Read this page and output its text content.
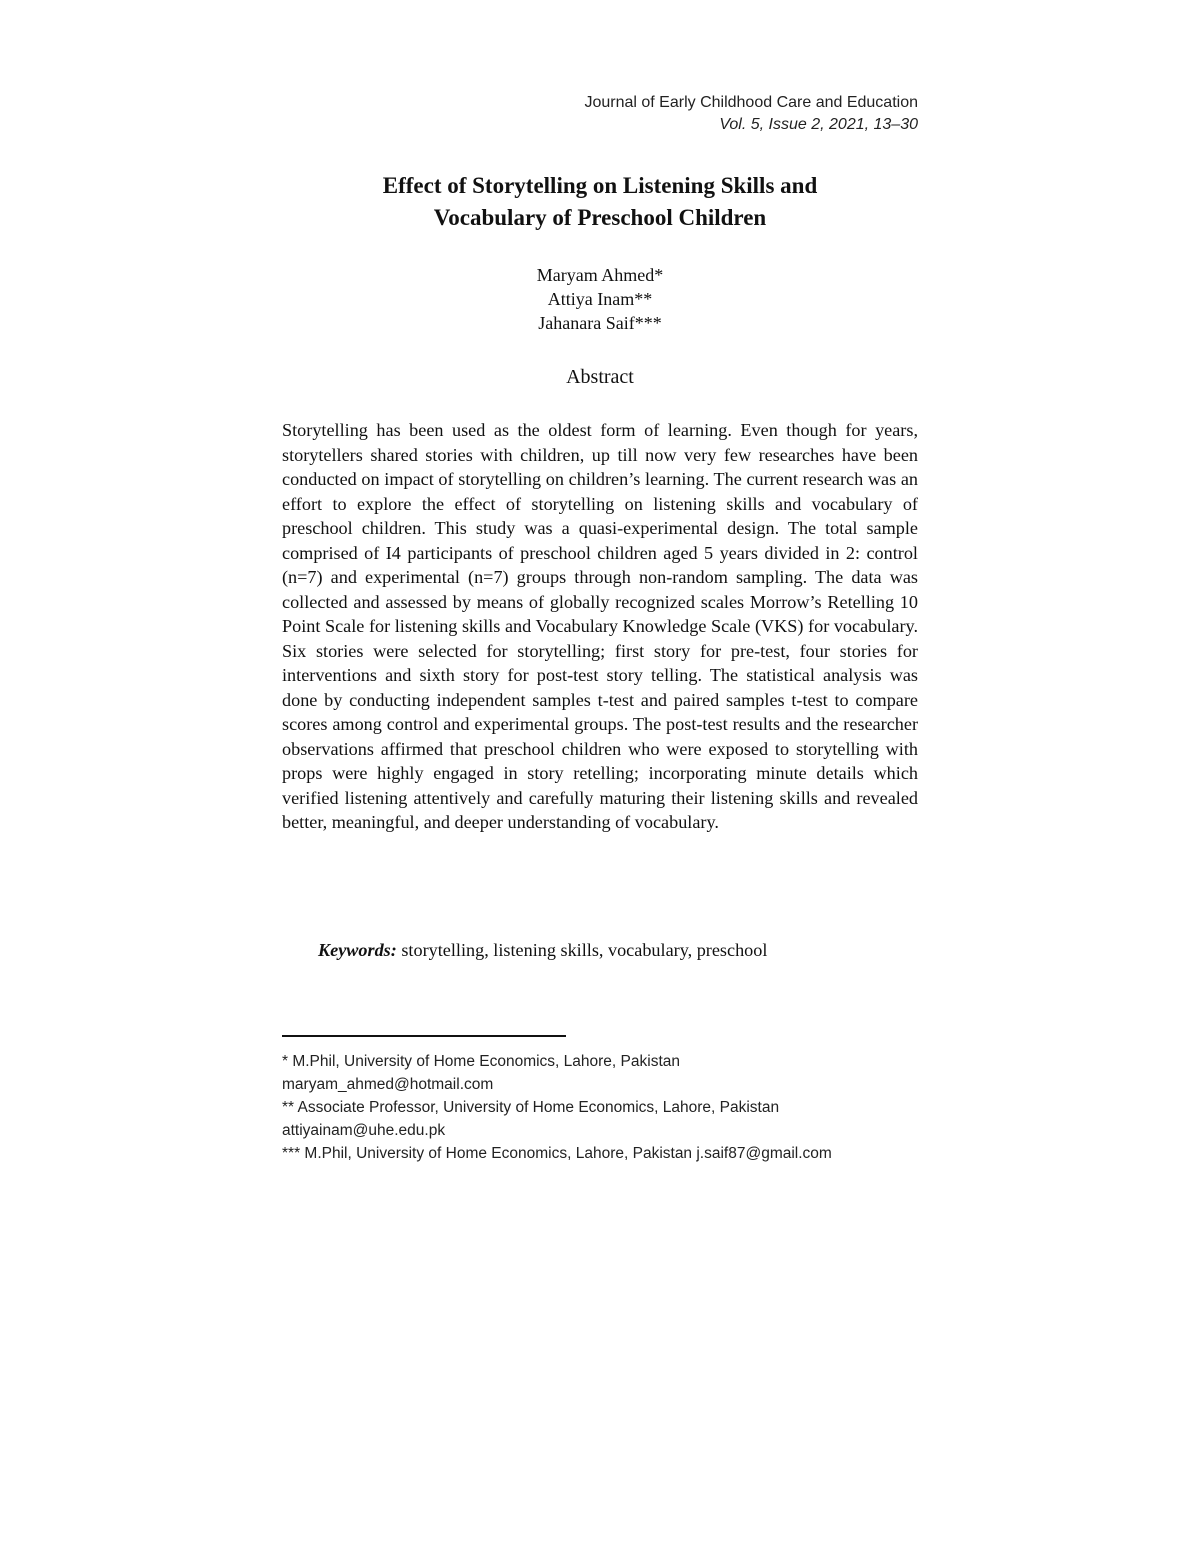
Journal of Early Childhood Care and Education
Vol. 5, Issue 2, 2021, 13–30
Effect of Storytelling on Listening Skills and
Vocabulary of Preschool Children
Maryam Ahmed*
Attiya Inam**
Jahanara Saif***
Abstract

Storytelling has been used as the oldest form of learning. Even though for years, storytellers shared stories with children, up till now very few researches have been conducted on impact of storytelling on children’s learning. The current research was an effort to explore the effect of storytelling on listening skills and vocabulary of preschool children. This study was a quasi-experimental design. The total sample comprised of I4 participants of preschool children aged 5 years divided in 2: control (n=7) and experimental (n=7) groups through non-random sampling. The data was collected and assessed by means of globally recognized scales Morrow’s Retelling 10 Point Scale for listening skills and Vocabulary Knowledge Scale (VKS) for vocabulary. Six stories were selected for storytelling; first story for pre-test, four stories for interventions and sixth story for post-test story telling. The statistical analysis was done by conducting independent samples t-test and paired samples t-test to compare scores among control and experimental groups. The post-test results and the researcher observations affirmed that preschool children who were exposed to storytelling with props were highly engaged in story retelling; incorporating minute details which verified listening attentively and carefully maturing their listening skills and revealed better, meaningful, and deeper understanding of vocabulary.

Keywords: storytelling, listening skills, vocabulary, preschool
* M.Phil, University of Home Economics, Lahore, Pakistan
maryam_ahmed@hotmail.com
** Associate Professor, University of Home Economics, Lahore, Pakistan
attiyainam@uhe.edu.pk
*** M.Phil, University of Home Economics, Lahore, Pakistan j.saif87@gmail.com
